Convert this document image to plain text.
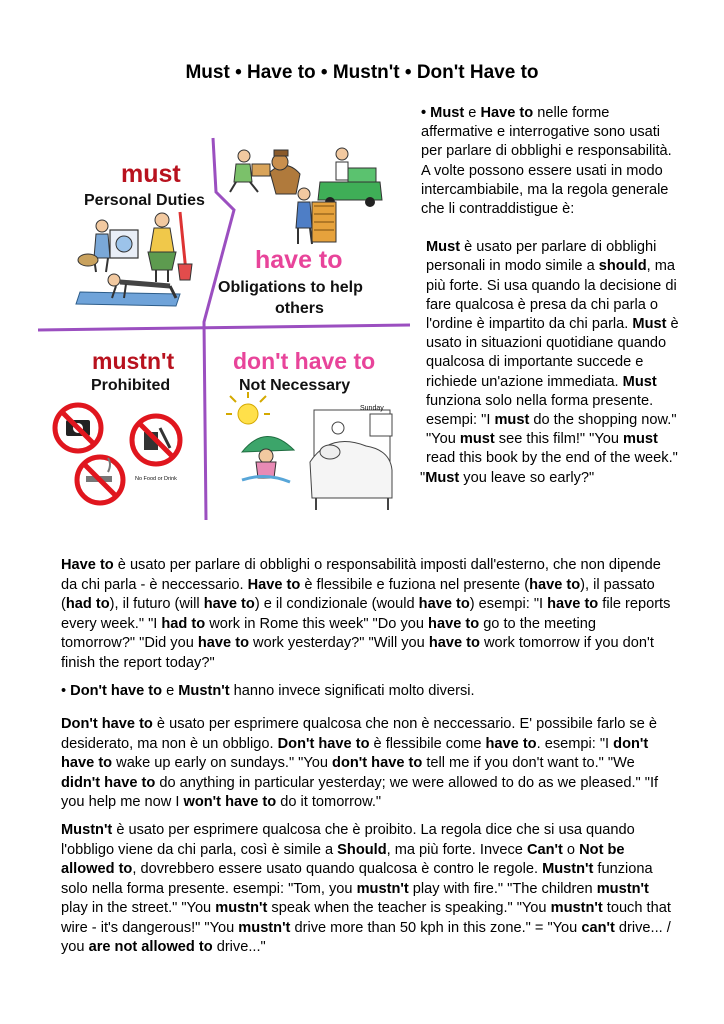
Must • Have to • Mustn't • Don't Have to
No Food or Drink
Sunday
must
Personal Duties
have to
Obligations to help
others
mustn't
Prohibited
don't have to
Not Necessary

• Must e Have to nelle forme affermative e interrogative sono usati per parlare di obblighi e responsabilità. A volte possono essere usati in modo intercambiabile, ma la regola generale che li contraddistigue è:

Must è usato per parlare di obblighi personali in modo simile a should, ma più forte. Si usa quando la decisione di fare qualcosa è presa da chi parla o l'ordine è impartito da chi parla. Must è usato in situazioni quotidiane quando qualcosa di importante succede e richiede un'azione immediata. Must funziona solo nella forma presente. esempi: "I must do the shopping now." "You must see this film!" "You must read this book by the end of the week."

"Must you leave so early?"

Have to è usato per parlare di obblighi o responsabilità imposti dall'esterno, che non dipende da chi parla - è neccessario. Have to è flessibile e fuziona nel presente (have to), il passato (had to), il futuro (will have to) e il condizionale (would have to) esempi: "I have to file reports every week." "I had to work in Rome this week" "Do you have to go to the meeting tomorrow?" "Did you have to work yesterday?" "Will you have to work tomorrow if you don't finish the report today?"

• Don't have to e Mustn't hanno invece significati molto diversi.

Don't have to è usato per esprimere qualcosa che non è neccessario. E' possibile farlo se è desiderato, ma non è un obbligo. Don't have to è flessibile come have to. esempi: "I don't have to wake up early on sundays." "You don't have to tell me if you don't want to." "We didn't have to do anything in particular yesterday; we were allowed to do as we pleased." "If you help me now I won't have to do it tomorrow."

Mustn't è usato per esprimere qualcosa che è proibito. La regola dice che si usa quando l'obbligo viene da chi parla, così è simile a Should, ma più forte. Invece Can't o Not be allowed to, dovrebbero essere usato quando qualcosa è contro le regole. Mustn't funziona solo nella forma presente. esempi: "Tom, you mustn't play with fire." "The children mustn't play in the street." "You mustn't speak when the teacher is speaking." "You mustn't touch that wire - it's dangerous!" "You mustn't drive more than 50 kph in this zone." = "You can't drive... / you are not allowed to drive..."
